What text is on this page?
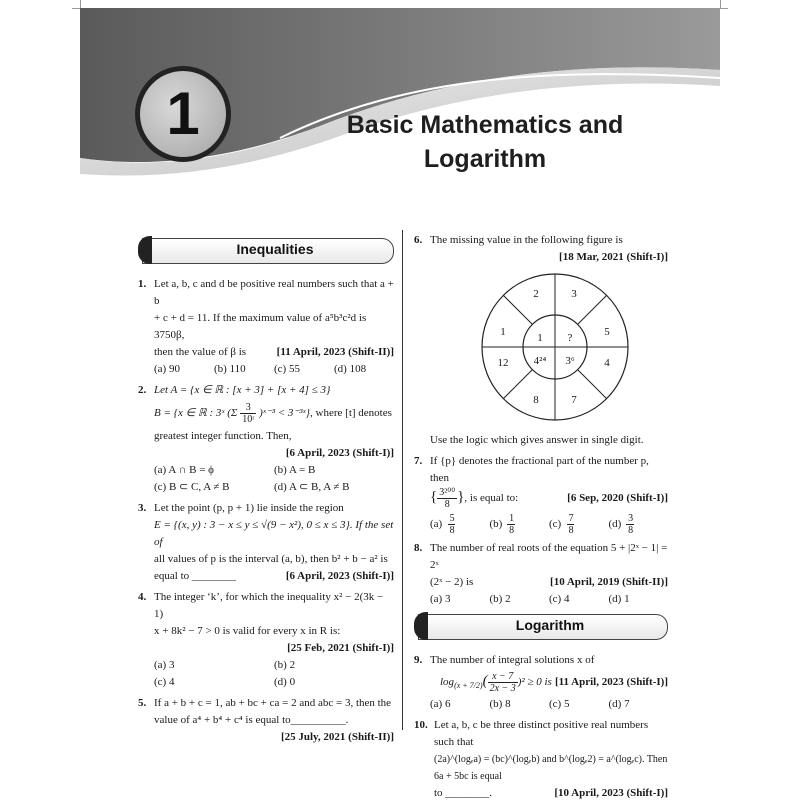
1	Basic Mathematics and
Logarithm
Inequalities
1. Let a, b, c and d be positive real numbers such that a + b
+ c + d = 11. If the maximum value of a⁵b³c²d is 3750β,
then the value of β is	[11 April, 2023 (Shift-II)]
(a) 90	(b) 110	(c) 55	(d) 108
2. Let A = {x ∈ ℝ : [x + 3] + [x + 4] ≤ 3}
B = {x ∈ ℝ : 3ˣ ($\Sigma \frac{3}{\text{10ʳ}}$ )ˣ⁻³ < 3⁻³ˣ}, where [t] denotes
greatest integer function. Then,
[6 April, 2023 (Shift-I)]
(a) A ∩ B = ϕ	(b) A = B
(c) B ⊂ C, A ≠ B	(d) A ⊂ B, A ≠ B
3. Let the point (p, p + 1) lie inside the region
E = {(x, y) : 3 − x ≤ y ≤ √(9 − x²), 0 ≤ x ≤ 3}. If the set of
all values of p is the interval (a, b), then b² + b − a² is
equal to ________	[6 April, 2023 (Shift-I)]
4. The integer ‘k’, for which the inequality x² − 2(3k − 1)
x + 8k² − 7 > 0 is valid for every x in R is:
[25 Feb, 2021 (Shift-I)]
(a) 3	(b) 2
(c) 4	(d) 0
5. If a + b + c = 1, ab + bc + ca = 2 and abc = 3, then the
value of a⁴ + b⁴ + c⁴ is equal to__________.
[25 July, 2021 (Shift-II)]
6. The missing value in the following figure is
[18 Mar, 2021 (Shift-I)]
2	3
5
4
7
8
12
1	1 ?
3⁶
4²⁴
Use the logic which gives answer in single digit.
7. If {p} denotes the fractional part of the number p, then
{ $\frac{\text{3²⁰⁰}}{8}$ }, is equal to:	[6 Sep, 2020 (Shift-I)]
$(a) \frac{5}{8} (b) \frac{1}{8} (c) \frac{7}{8} (d) \frac{3}{8}$
8. The number of real roots of the equation 5 + |2ˣ − 1| = 2ˣ
(2ˣ − 2) is	[10 April, 2019 (Shift-II)]
(a) 3	(b) 2	(c) 4	(d) 1
Logarithm
9. The number of integral solutions x of
$\log_{(x + 7/2)}( \frac{x - 7}{2x - 3} )^2 \ge 0$ is [11 April, 2023 (Shift-I)]
(a) 6	(b) 8	(c) 5	(d) 7
10. Let a, b, c be three distinct positive real numbers such that
(2a)^(logₑa) = (bc)^(logₑb) and b^(logₑ2) = a^(logₑc). Then 6a + 5bc is equal
to ________.	[10 April, 2023 (Shift-I)]
